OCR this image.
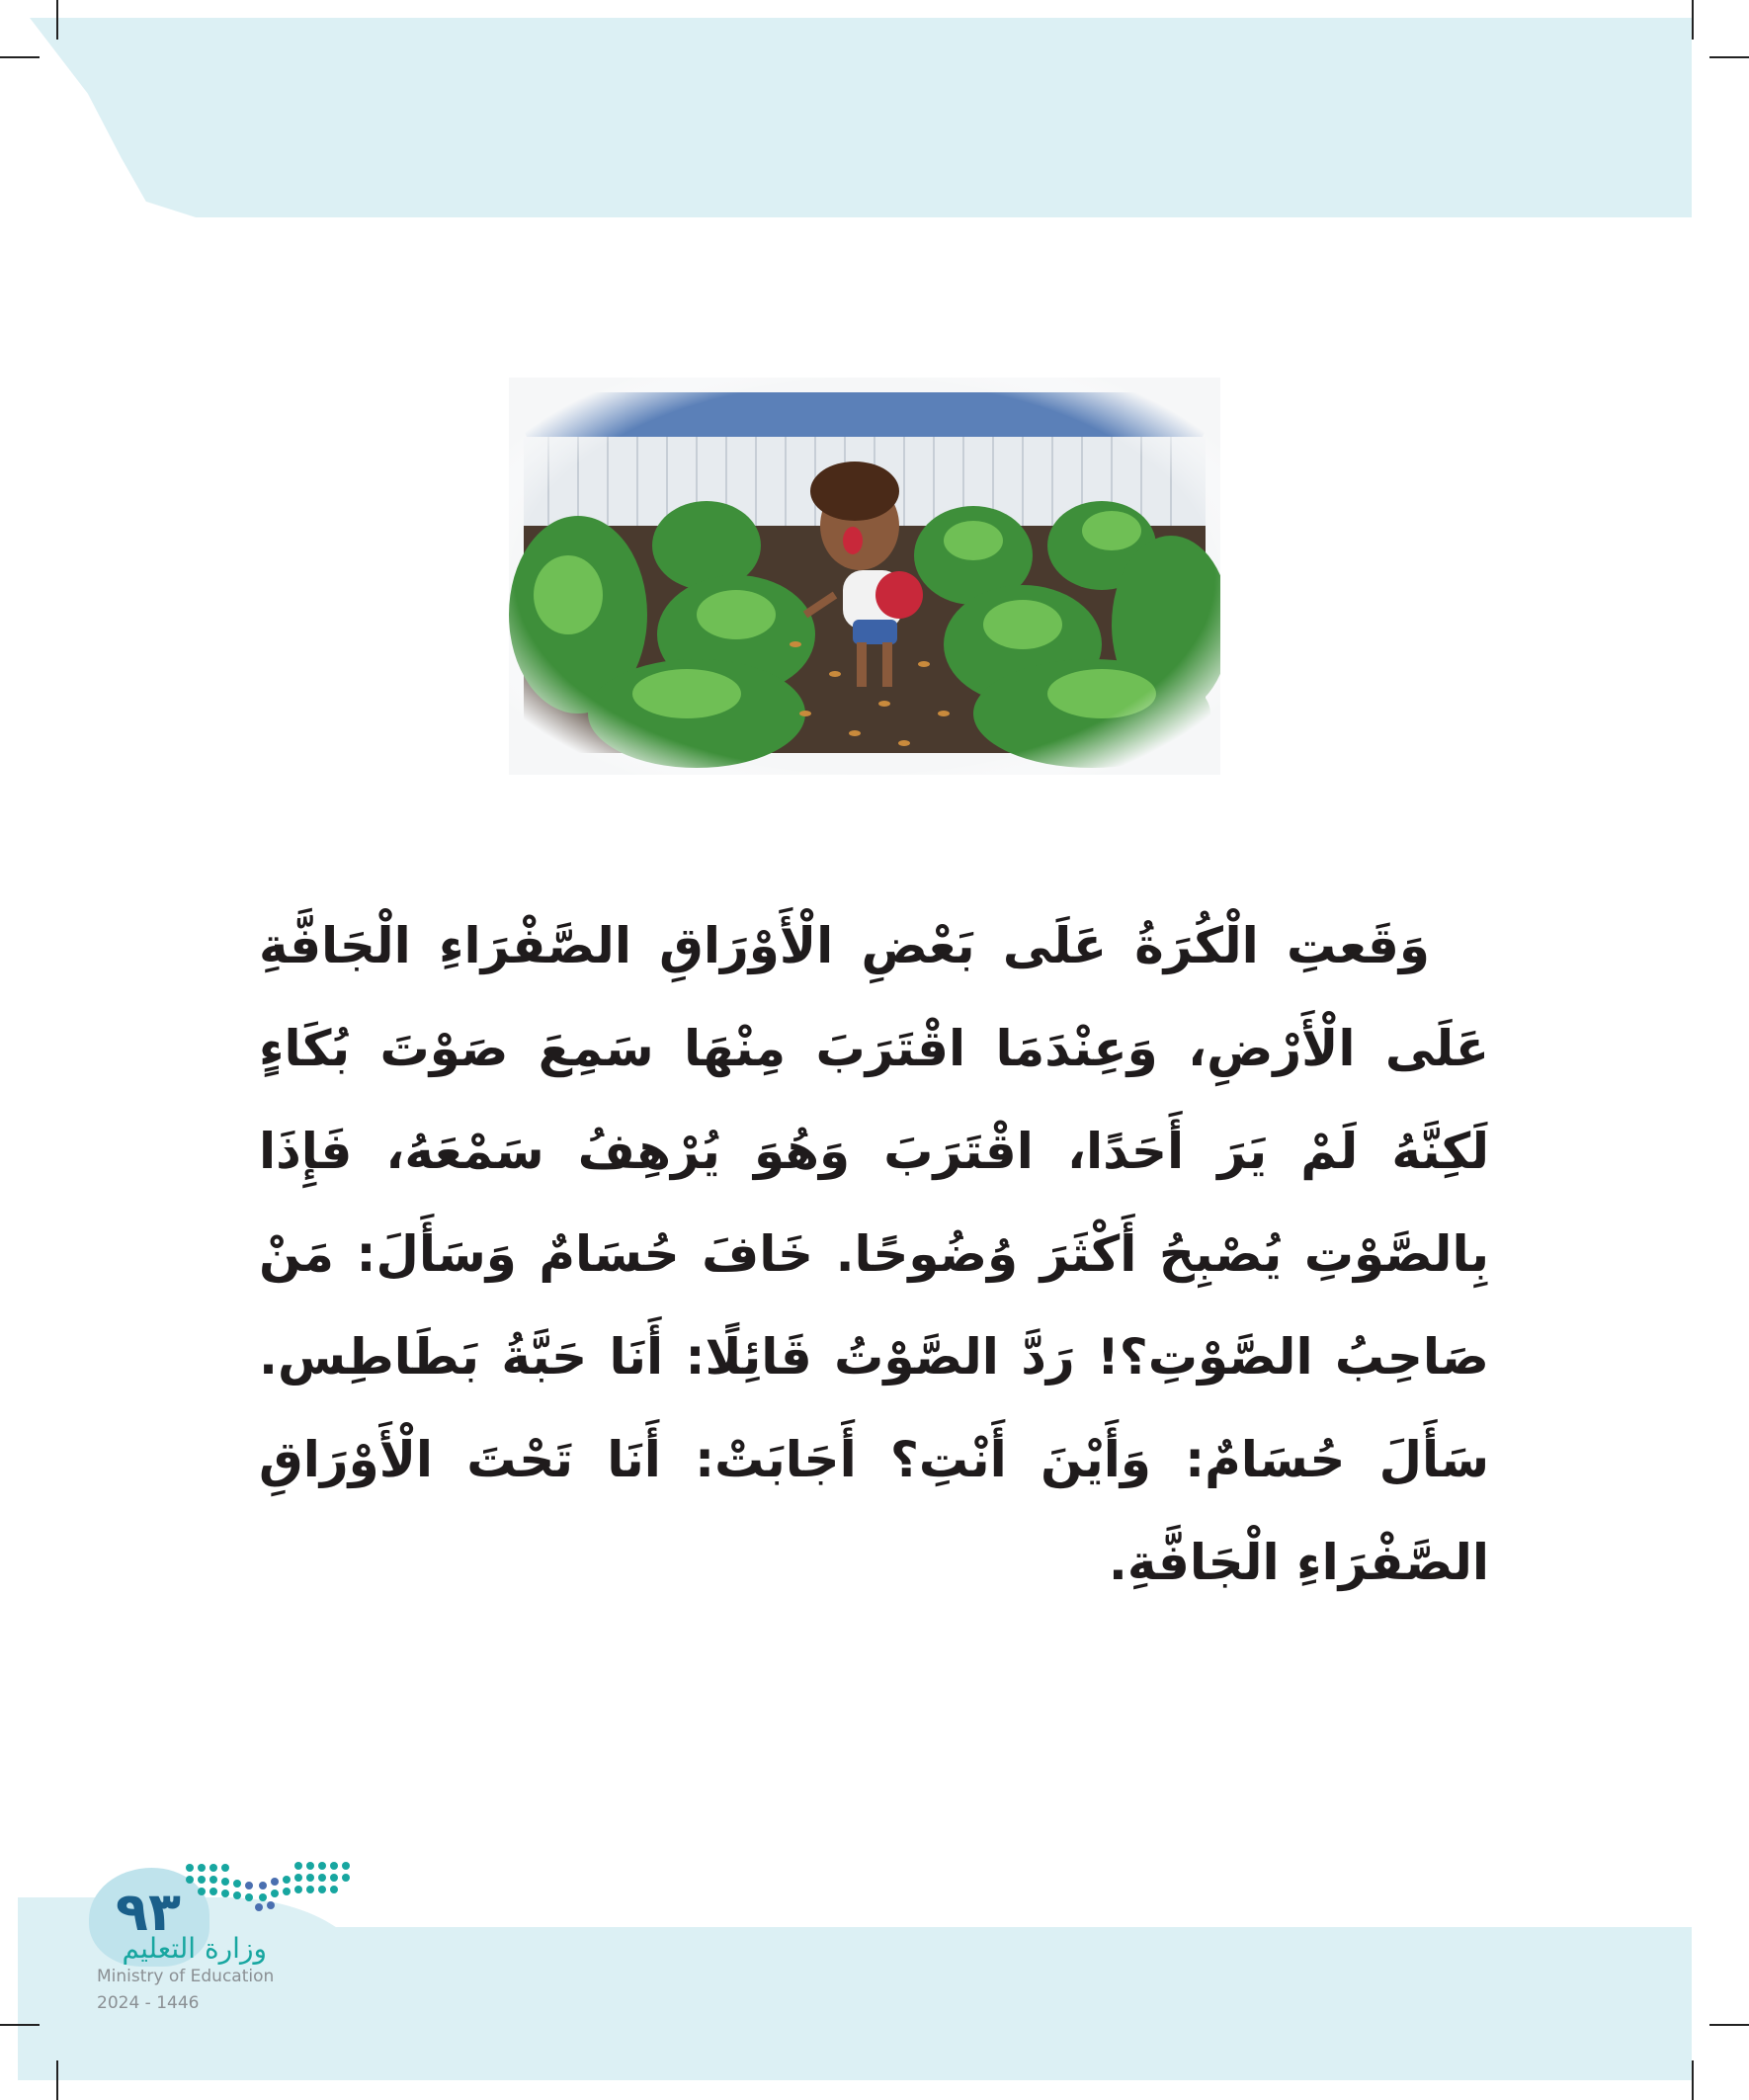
وَقَعتِ الْكُرَةُ عَلَى بَعْضِ الْأَوْرَاقِ الصَّفْرَاءِ الْجَافَّةِ عَلَى الْأَرْضِ، وَعِنْدَمَا اقْتَرَبَ مِنْهَا سَمِعَ صَوْتَ بُكَاءٍ لَكِنَّهُ لَمْ يَرَ أَحَدًا، اقْتَرَبَ وَهُوَ يُرْهِفُ سَمْعَهُ، فَإِذَا بِالصَّوْتِ يُصْبِحُ أَكْثَرَ وُضُوحًا. خَافَ حُسَامٌ وَسَأَلَ: مَنْ صَاحِبُ الصَّوْتِ؟! رَدَّ الصَّوْتُ قَائِلًا: أَنَا حَبَّةُ بَطَاطِس. سَأَلَ حُسَامٌ: وَأَيْنَ أَنْتِ؟ أَجَابَتْ: أَنَا تَحْتَ الْأَوْرَاقِ الصَّفْرَاءِ الْجَافَّةِ.

٩٣
وزارة التعليم
Ministry of Education
2024 - 1446
